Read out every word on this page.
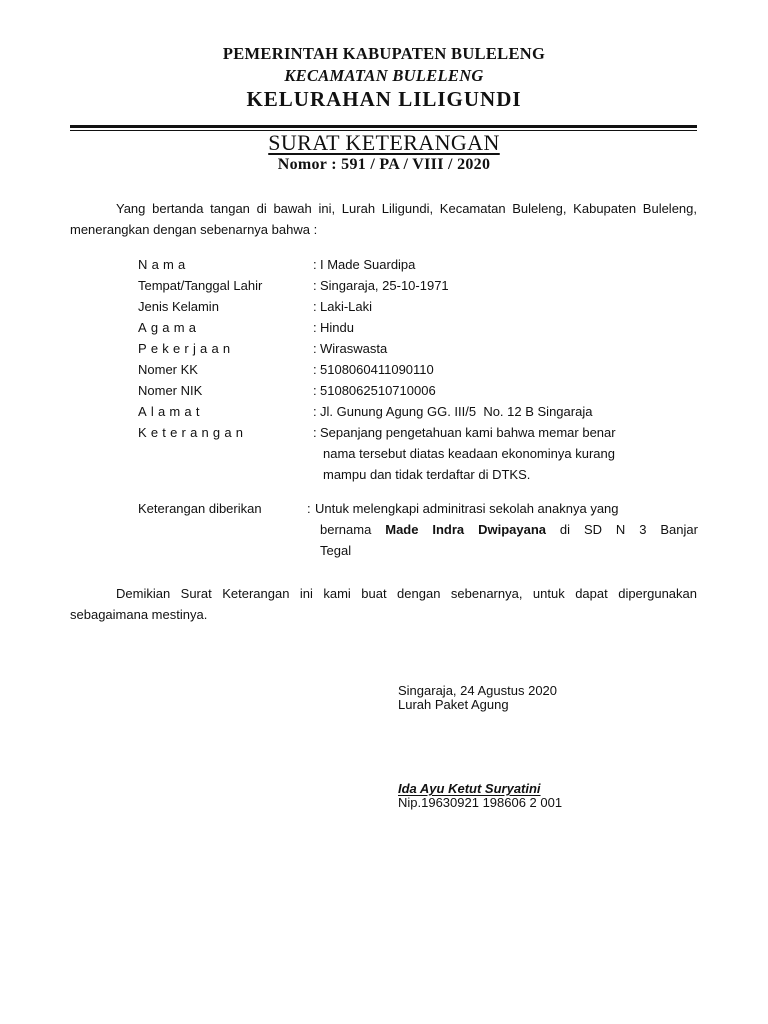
PEMERINTAH KABUPATEN BULELENG
KECAMATAN BULELENG
KELURAHAN LILIGUNDI
SURAT KETERANGAN
Nomor : 591 / PA / VIII / 2020
Yang bertanda tangan di bawah ini, Lurah Liligundi, Kecamatan Buleleng, Kabupaten Buleleng, menerangkan dengan sebenarnya bahwa :
Nama	: I Made Suardipa
Tempat/Tanggal Lahir	: Singaraja, 25-10-1971
Jenis Kelamin	: Laki-Laki
Agama	: Hindu
Pekerjaan	: Wiraswasta
Nomer KK	: 5108060411090110
Nomer NIK	: 5108062510710006
Alamat	: Jl. Gunung Agung GG. III/5  No. 12 B Singaraja
Keterangan	: Sepanjang pengetahuan kami bahwa memar benar
nama tersebut diatas keadaan ekonominya kurang
mampu dan tidak terdaftar di DTKS.
Keterangan diberikan	: Untuk melengkapi adminitrasi sekolah anaknya yang
bernama Made Indra Dwipayana di SD N 3 Banjar
Tegal
Demikian Surat Keterangan ini kami buat dengan sebenarnya, untuk dapat dipergunakan sebagaimana mestinya.
Singaraja, 24 Agustus 2020
Lurah Paket Agung
Ida Ayu Ketut Suryatini
Nip.19630921 198606 2 001
